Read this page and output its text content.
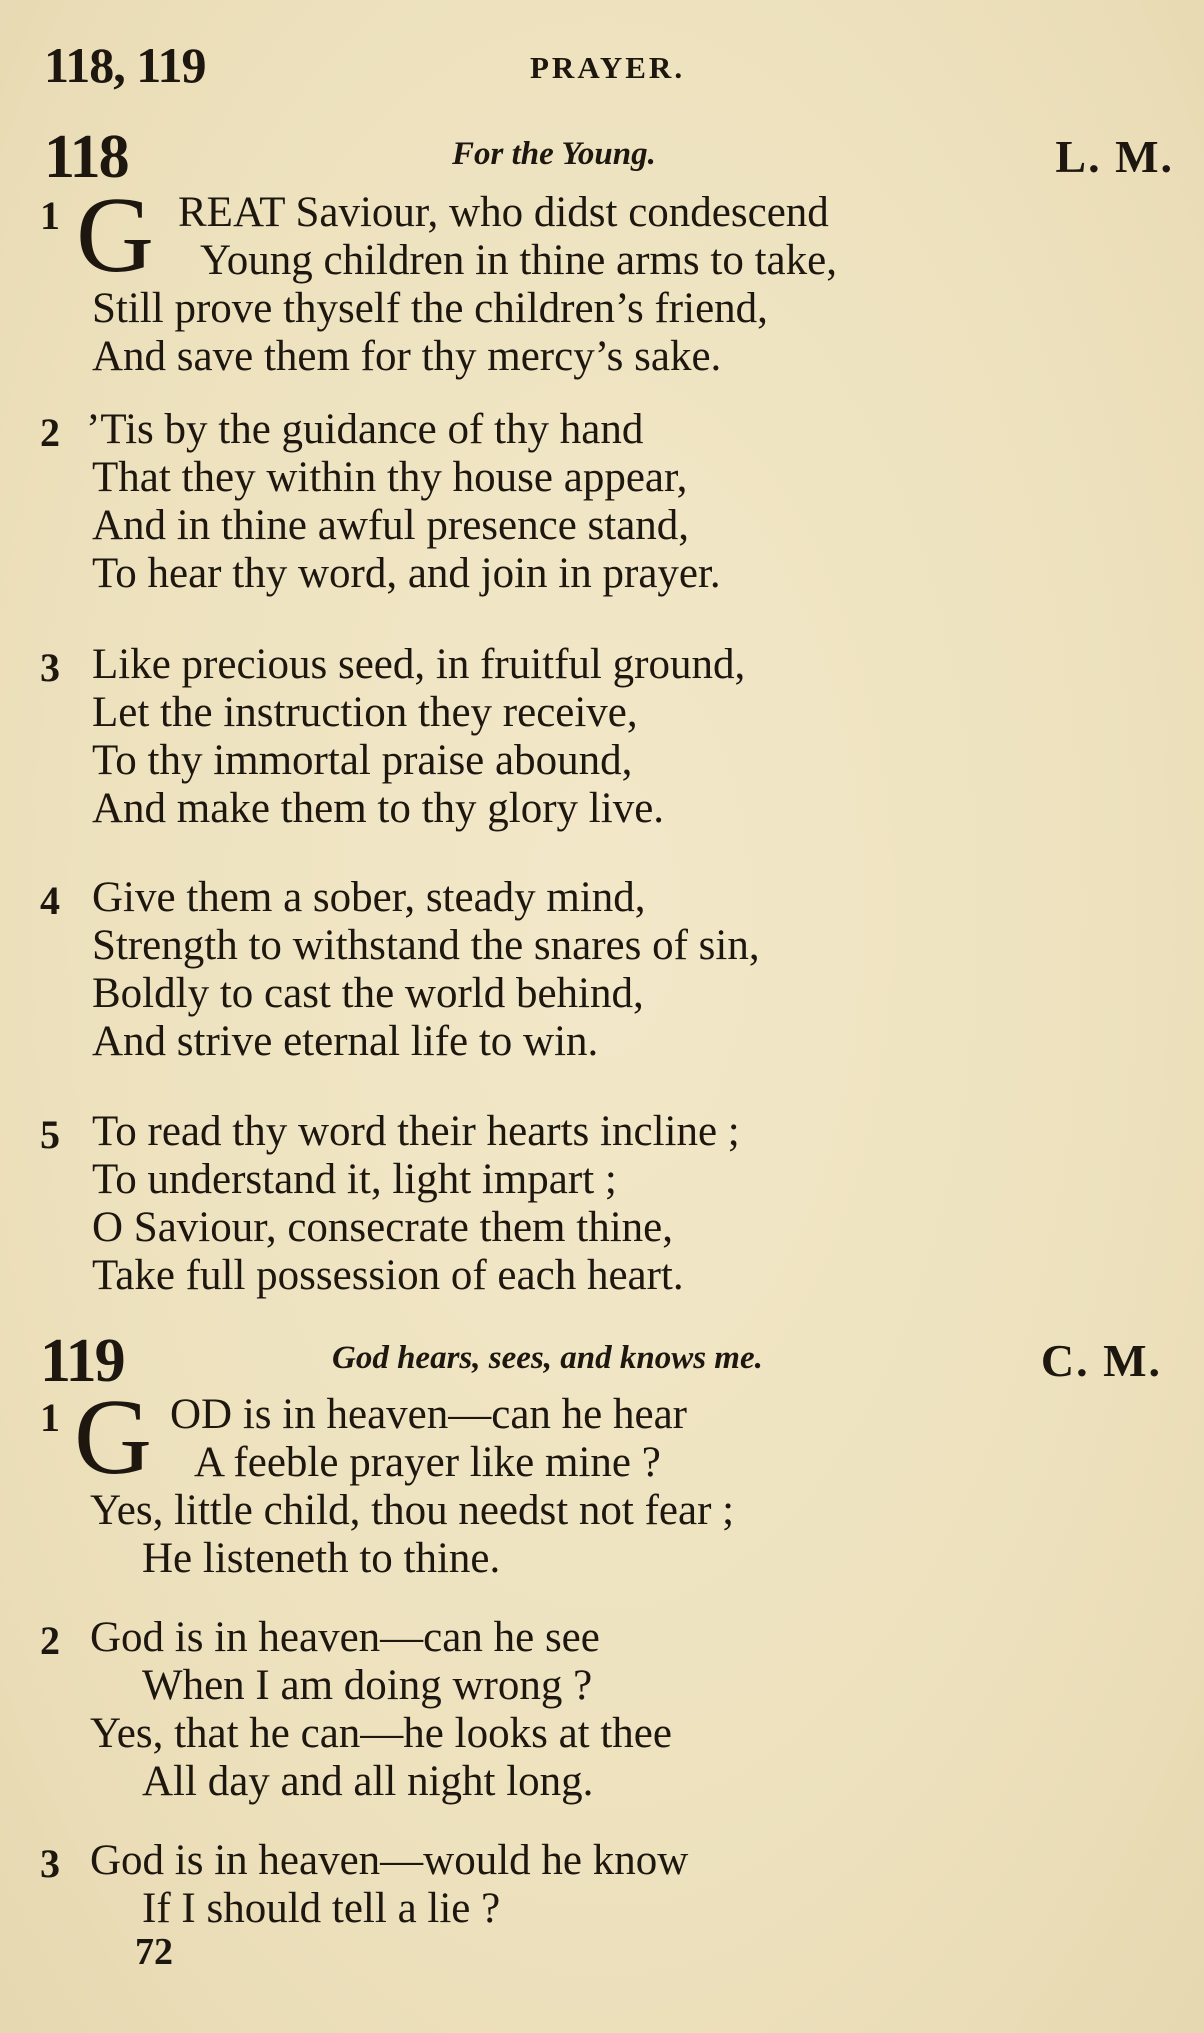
118, 119	PRAYER.
118	For the Young.	L. M.
1 G REAT Saviour, who didst condescend
Young children in thine arms to take,
Still prove thyself the children’s friend,
And save them for thy mercy’s sake.
2 ’Tis by the guidance of thy hand
That they within thy house appear,
And in thine awful presence stand,
To hear thy word, and join in prayer.
3 Like precious seed, in fruitful ground,
Let the instruction they receive,
To thy immortal praise abound,
And make them to thy glory live.
4 Give them a sober, steady mind,
Strength to withstand the snares of sin,
Boldly to cast the world behind,
And strive eternal life to win.
5 To read thy word their hearts incline ;
To understand it, light impart ;
O Saviour, consecrate them thine,
Take full possession of each heart.
119	God hears, sees, and knows me.	C. M.
1 G OD is in heaven—can he hear
A feeble prayer like mine ?
Yes, little child, thou needst not fear ;
He listeneth to thine.
2 God is in heaven—can he see
When I am doing wrong ?
Yes, that he can—he looks at thee
All day and all night long.
3 God is in heaven—would he know
If I should tell a lie ?
72
